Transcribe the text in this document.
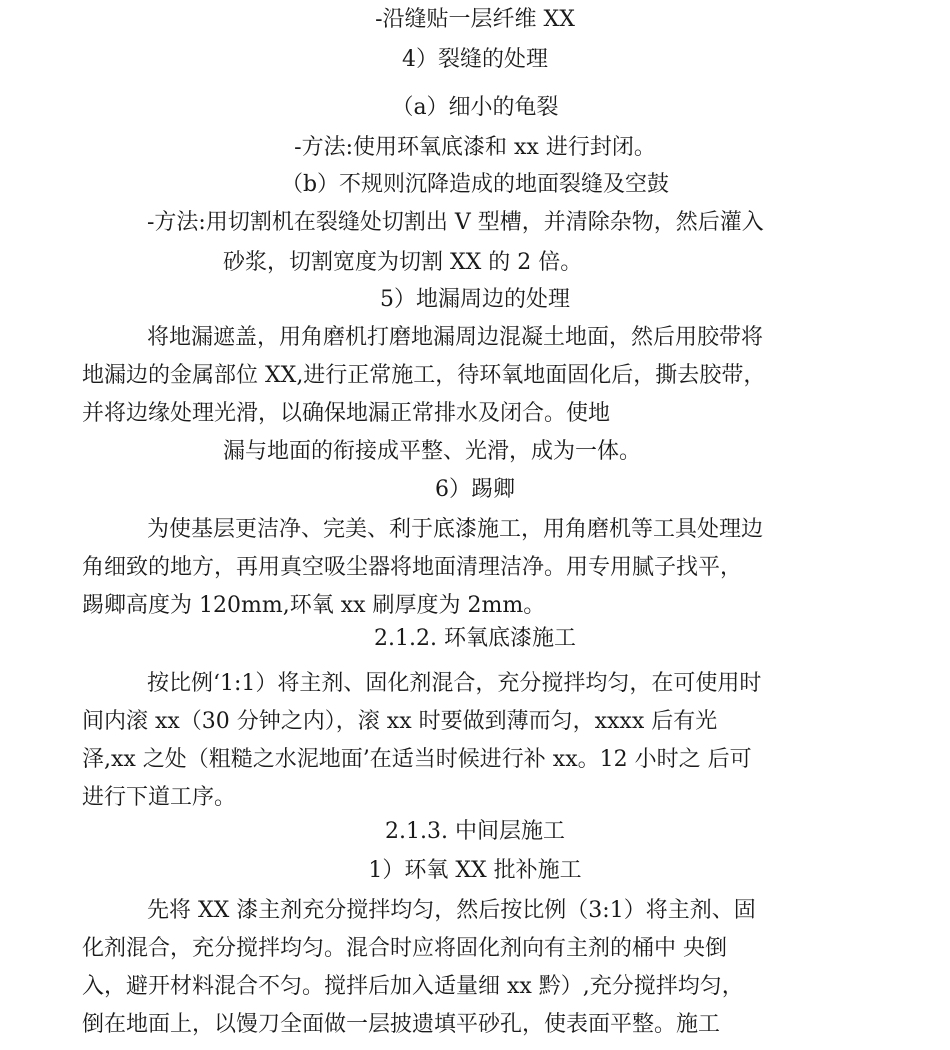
-沿缝贴一层纤维 XX
4）裂缝的处理
（a）细小的龟裂
-方法:使用环氧底漆和 xx 进行封闭。
（b）不规则沉降造成的地面裂缝及空鼓
-方法:用切割机在裂缝处切割出 V 型槽，并清除杂物，然后灌入
砂浆，切割宽度为切割 XX 的 2 倍。
5）地漏周边的处理
将地漏遮盖，用角磨机打磨地漏周边混凝土地面，然后用胶带将
地漏边的金属部位 XX,进行正常施工，待环氧地面固化后，撕去胶带，
并将边缘处理光滑，以确保地漏正常排水及闭合。使地
漏与地面的衔接成平整、光滑，成为一体。
6）踢卿
为使基层更洁净、完美、利于底漆施工，用角磨机等工具处理边
角细致的地方，再用真空吸尘器将地面清理洁净。用专用腻子找平，
踢卿高度为 120mm,环氧 xx 刷厚度为 2mm。
2.1.2. 环氧底漆施工
按比例‘1:1）将主剂、固化剂混合，充分搅拌均匀，在可使用时
间内滚 xx（30 分钟之内），滚 xx 时要做到薄而匀，xxxx 后有光
泽,xx 之处（粗糙之水泥地面’在适当时候进行补 xx。12 小时之 后可
进行下道工序。
2.1.3. 中间层施工
1）环氧 XX 批补施工
先将 XX 漆主剂充分搅拌均匀，然后按比例（3:1）将主剂、固
化剂混合，充分搅拌均匀。混合时应将固化剂向有主剂的桶中 央倒
入，避开材料混合不匀。搅拌后加入适量细 xx 黔）,充分搅拌均匀，
倒在地面上，以馒刀全面做一层披遗填平砂孔，使表面平整。施工
